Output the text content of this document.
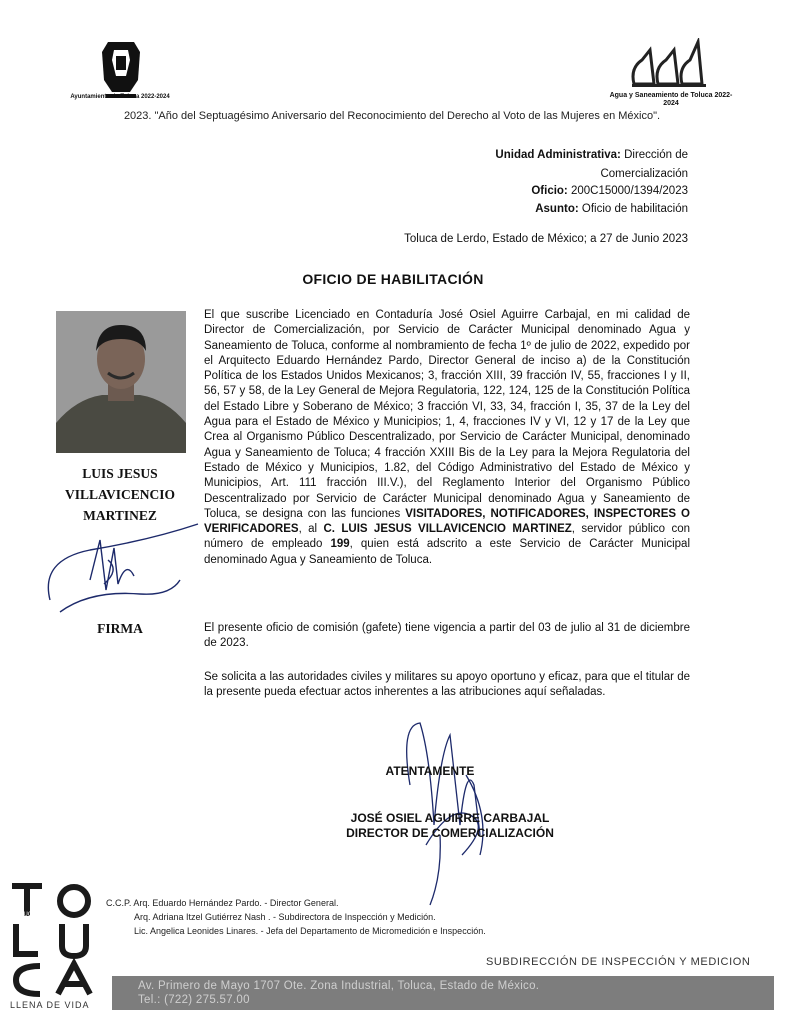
Ayuntamiento de Toluca 2022-2024	Agua y Saneamiento de Toluca 2022-2024
2023. "Año del Septuagésimo Aniversario del Reconocimiento del Derecho al Voto de las Mujeres en México".
Unidad Administrativa: Dirección de
Comercialización
Oficio: 200C15000/1394/2023
Asunto: Oficio de habilitación
Toluca de Lerdo, Estado de México; a 27 de Junio 2023
OFICIO DE HABILITACIÓN
LUIS JESUS
VILLAVICENCIO
MARTINEZ
FIRMA
El que suscribe Licenciado en Contaduría José Osiel Aguirre Carbajal, en mi calidad de Director de Comercialización, por Servicio de Carácter Municipal denominado Agua y Saneamiento de Toluca, conforme al nombramiento de fecha 1º de julio de 2022, expedido por el Arquitecto Eduardo Hernández Pardo, Director General de inciso a) de la Constitución Política de los Estados Unidos Mexicanos; 3, fracción XIII, 39 fracción IV, 55, fracciones I y II, 56, 57 y 58, de la Ley General de Mejora Regulatoria, 122, 124, 125 de la Constitución Política del Estado Libre y Soberano de México; 3 fracción VI, 33, 34, fracción I, 35, 37 de la Ley del Agua para el Estado de México y Municipios; 1, 4, fracciones IV y VI, 12 y 17 de la Ley que Crea al Organismo Público Descentralizado, por Servicio de Carácter Municipal, denominado Agua y Saneamiento de Toluca; 4 fracción XXIII Bis de la Ley para la Mejora Regulatoria del Estado de México y Municipios, 1.82, del Código Administrativo del Estado de México y Municipios, Art. 111 fracción III.V.), del Reglamento Interior del Organismo Público Descentralizado por Servicio de Carácter Municipal denominado Agua y Saneamiento de Toluca, se designa con las funciones VISITADORES, NOTIFICADORES, INSPECTORES O VERIFICADORES, al C. LUIS JESUS VILLAVICENCIO MARTINEZ, servidor público con número de empleado 199, quien está adscrito a este Servicio de Carácter Municipal denominado Agua y Saneamiento de Toluca.
El presente oficio de comisión (gafete) tiene vigencia a partir del 03 de julio al 31 de diciembre de 2023.
Se solicita a las autoridades civiles y militares su apoyo oportuno y eficaz, para que el titular de la presente pueda efectuar actos inherentes a las atribuciones aquí señaladas.
ATENTAMENTE
JOSÉ OSIEL AGUIRRE CARBAJAL
DIRECTOR DE COMERCIALIZACIÓN
TOLUCA
LLENA DE VIDA
C.C.P. Arq. Eduardo Hernández Pardo. - Director General.
Arq. Adriana Itzel Gutiérrez Nash . - Subdirectora de Inspección y Medición.
Lic. Angelica Leonides Linares. - Jefa del Departamento de Micromedición e Inspección.
SUBDIRECCIÓN DE INSPECCIÓN Y MEDICION
Av. Primero de Mayo 1707 Ote. Zona Industrial, Toluca, Estado de México.
Tel.: (722) 275.57.00
